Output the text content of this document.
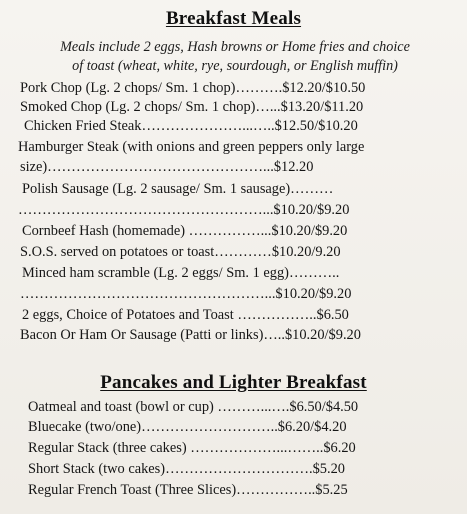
Breakfast Meals
Meals include 2 eggs, Hash browns or Home fries and choice
of toast (wheat, white, rye, sourdough, or English muffin)
Pork Chop (Lg. 2 chops/ Sm. 1 chop)……….$12.20/$10.50
Smoked Chop (Lg. 2 chops/ Sm. 1 chop)…...$13.20/$11.20
Chicken Fried Steak…………………...…..$12.50/$10.20
Hamburger Steak (with onions and green peppers only large
size)………………………………………...$12.20
Polish Sausage (Lg. 2 sausage/ Sm. 1 sausage)………
……………………………………………...$10.20/$9.20
Cornbeef Hash (homemade) ……………...$10.20/$9.20
S.O.S. served on potatoes or toast…………$10.20/9.20
Minced ham scramble (Lg. 2 eggs/ Sm. 1 egg)………..
……………………………………………...$10.20/$9.20
2 eggs, Choice of Potatoes and Toast ……………..$6.50
Bacon Or Ham Or Sausage (Patti or links)…..$10.20/$9.20
Pancakes and Lighter Breakfast
Oatmeal and toast (bowl or cup) ………...….$6.50/$4.50
Bluecake (two/one)………………………..$6.20/$4.20
Regular Stack (three cakes) ………………...……..$6.20
Short Stack (two cakes)………………………….$5.20
Regular French Toast (Three Slices)……………..$5.25
